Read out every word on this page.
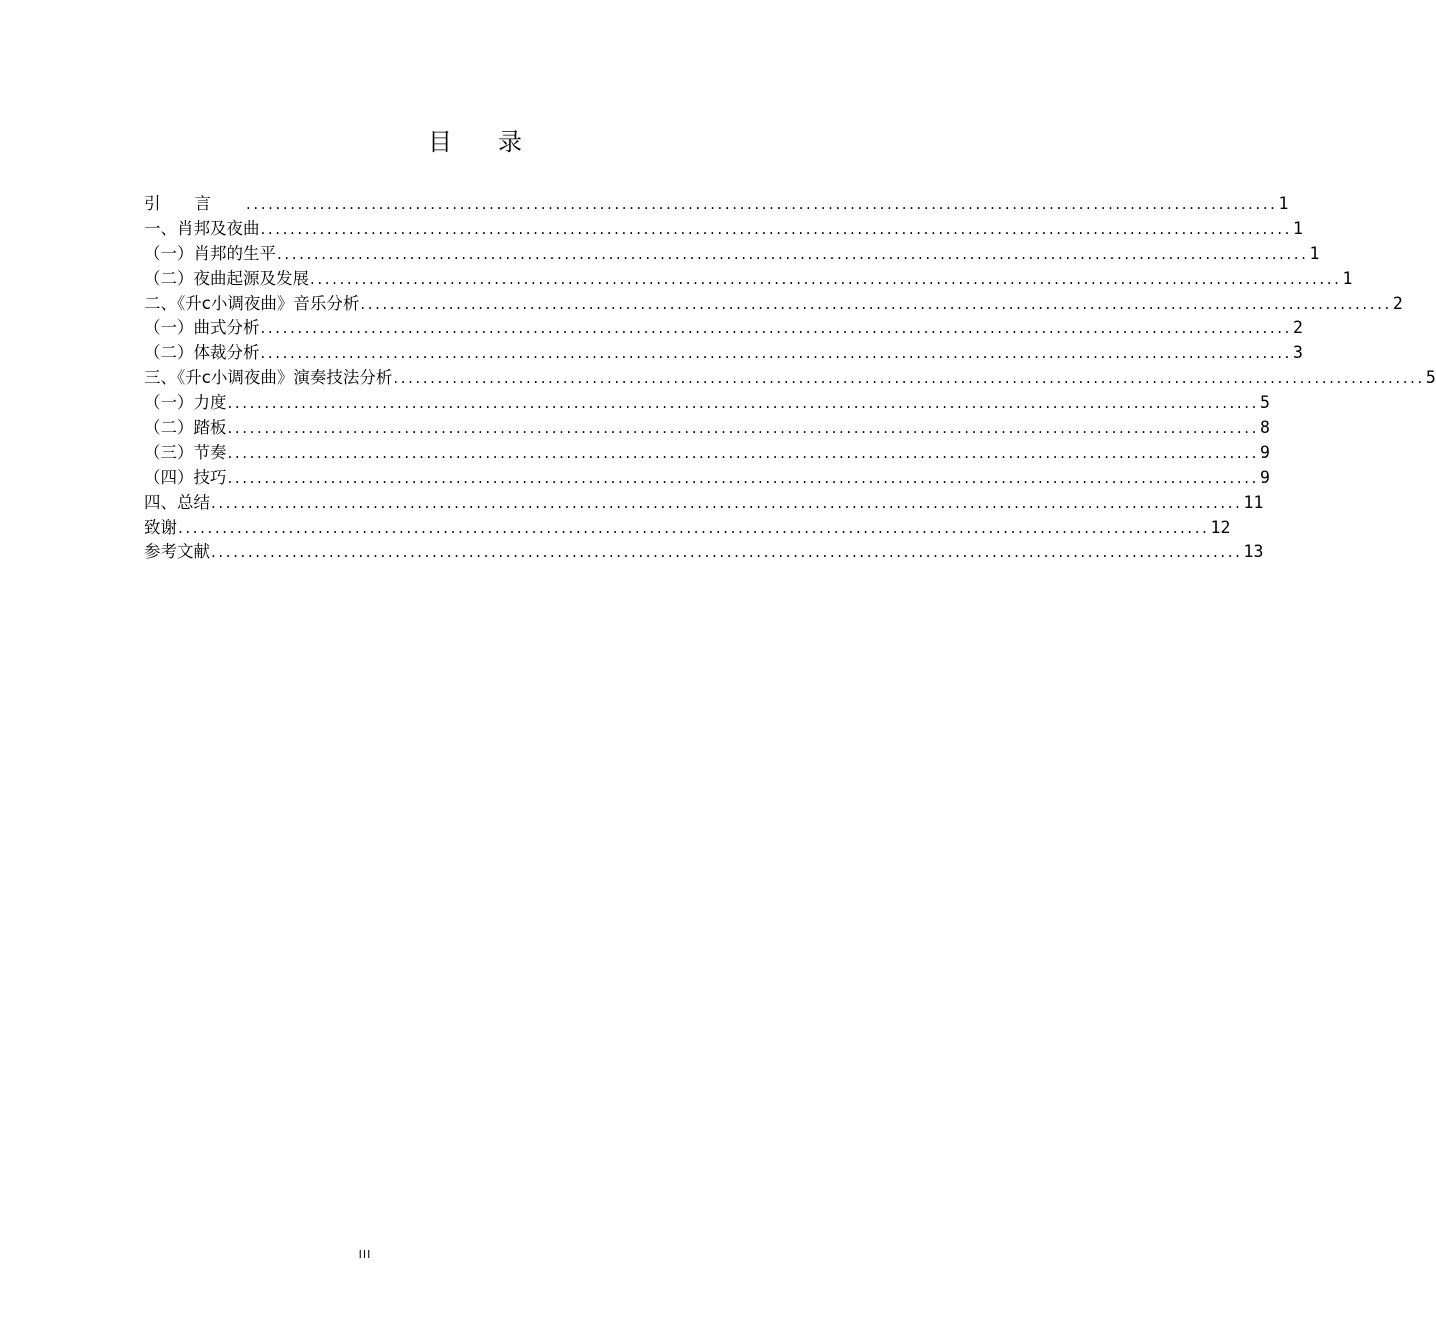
目录
引言 ............................................................................................................................................ 1
一、肖邦及夜曲 ............................................................................................................................................ 1
（一）肖邦的生平 ............................................................................................................................................ 1
（二）夜曲起源及发展 ............................................................................................................................................ 1
二、《升c小调夜曲》音乐分析 ............................................................................................................................................ 2
（一）曲式分析 ............................................................................................................................................ 2
（二）体裁分析 ............................................................................................................................................ 3
三、《升c小调夜曲》演奏技法分析 ............................................................................................................................................ 5
（一）力度 ............................................................................................................................................ 5
（二）踏板 ............................................................................................................................................ 8
（三）节奏 ............................................................................................................................................ 9
（四）技巧 ............................................................................................................................................ 9
四、总结 ............................................................................................................................................ 11
致谢 ............................................................................................................................................ 12
参考文献 ............................................................................................................................................ 13
III
